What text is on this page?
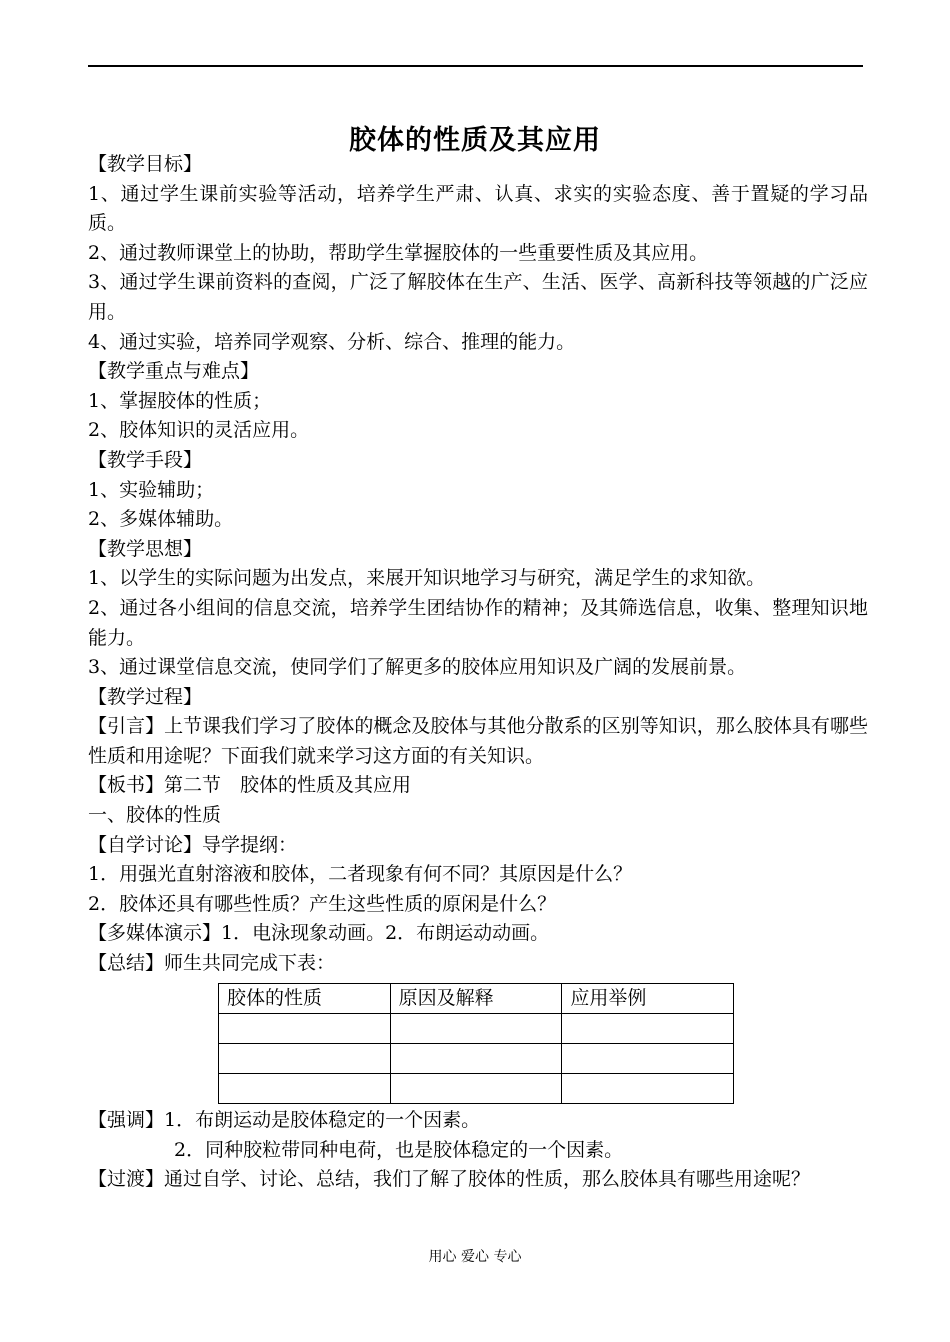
胶体的性质及其应用

【教学目标】

1、通过学生课前实验等活动，培养学生严肃、认真、求实的实验态度、善于置疑的学习品质。

2、通过教师课堂上的协助，帮助学生掌握胶体的一些重要性质及其应用。

3、通过学生课前资料的查阅，广泛了解胶体在生产、生活、医学、高新科技等领越的广泛应用。

4、通过实验，培养同学观察、分析、综合、推理的能力。

【教学重点与难点】

1、掌握胶体的性质；

2、胶体知识的灵活应用。

【教学手段】

1、实验辅助；

2、多媒体辅助。

【教学思想】

1、以学生的实际问题为出发点，来展开知识地学习与研究，满足学生的求知欲。

2、通过各小组间的信息交流，培养学生团结协作的精神；及其筛选信息，收集、整理知识地能力。

3、通过课堂信息交流，使同学们了解更多的胶体应用知识及广阔的发展前景。

【教学过程】

【引言】上节课我们学习了胶体的概念及胶体与其他分散系的区别等知识，那么胶体具有哪些性质和用途呢？下面我们就来学习这方面的有关知识。

【板书】第二节　胶体的性质及其应用

一、胶体的性质

【自学讨论】导学提纲：

1．用强光直射溶液和胶体，二者现象有何不同？其原因是什么？

2．胶体还具有哪些性质？产生这些性质的原闲是什么？

【多媒体演示】1．电泳现象动画。2．布朗运动动画。

【总结】师生共同完成下表：

胶体的性质	原因及解释	应用举例

【强调】1．布朗运动是胶体稳定的一个因素。

2．同种胶粒带同种电荷，也是胶体稳定的一个因素。

【过渡】通过自学、讨论、总结，我们了解了胶体的性质，那么胶体具有哪些用途呢？

用心 爱心 专心
